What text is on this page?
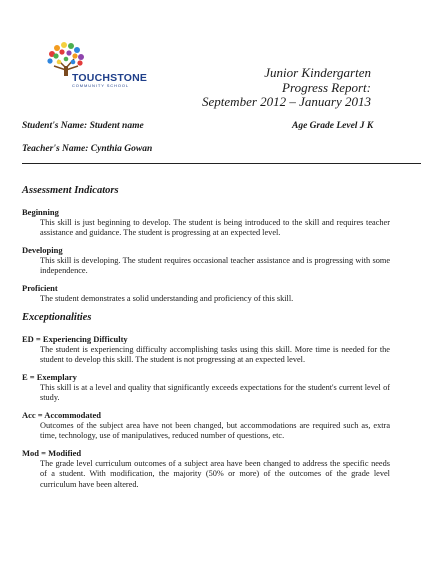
TOUCHSTONE
COMMUNITY SCHOOL
Junior Kindergarten
Progress Report:
September 2012 – January 2013
Student's Name: Student name	Age Grade Level J K
Teacher's Name: Cynthia Gowan
Assessment Indicators
Beginning
This skill is just beginning to develop. The student is being introduced to the skill and requires teacher assistance and guidance. The student is progressing at an expected level.
Developing
This skill is developing. The student requires occasional teacher assistance and is progressing with some independence.
Proficient
The student demonstrates a solid understanding and proficiency of this skill.
Exceptionalities
ED = Experiencing Difficulty
The student is experiencing difficulty accomplishing tasks using this skill. More time is needed for the student to develop this skill. The student is not progressing at an expected level.
E = Exemplary
This skill is at a level and quality that significantly exceeds expectations for the student's current level of study.
Acc = Accommodated
Outcomes of the subject area have not been changed, but accommodations are required such as, extra time, technology, use of manipulatives, reduced number of questions, etc.
Mod = Modified
The grade level curriculum outcomes of a subject area have been changed to address the specific needs of a student. With modification, the majority (50% or more) of the outcomes of the grade level curriculum have been altered.
